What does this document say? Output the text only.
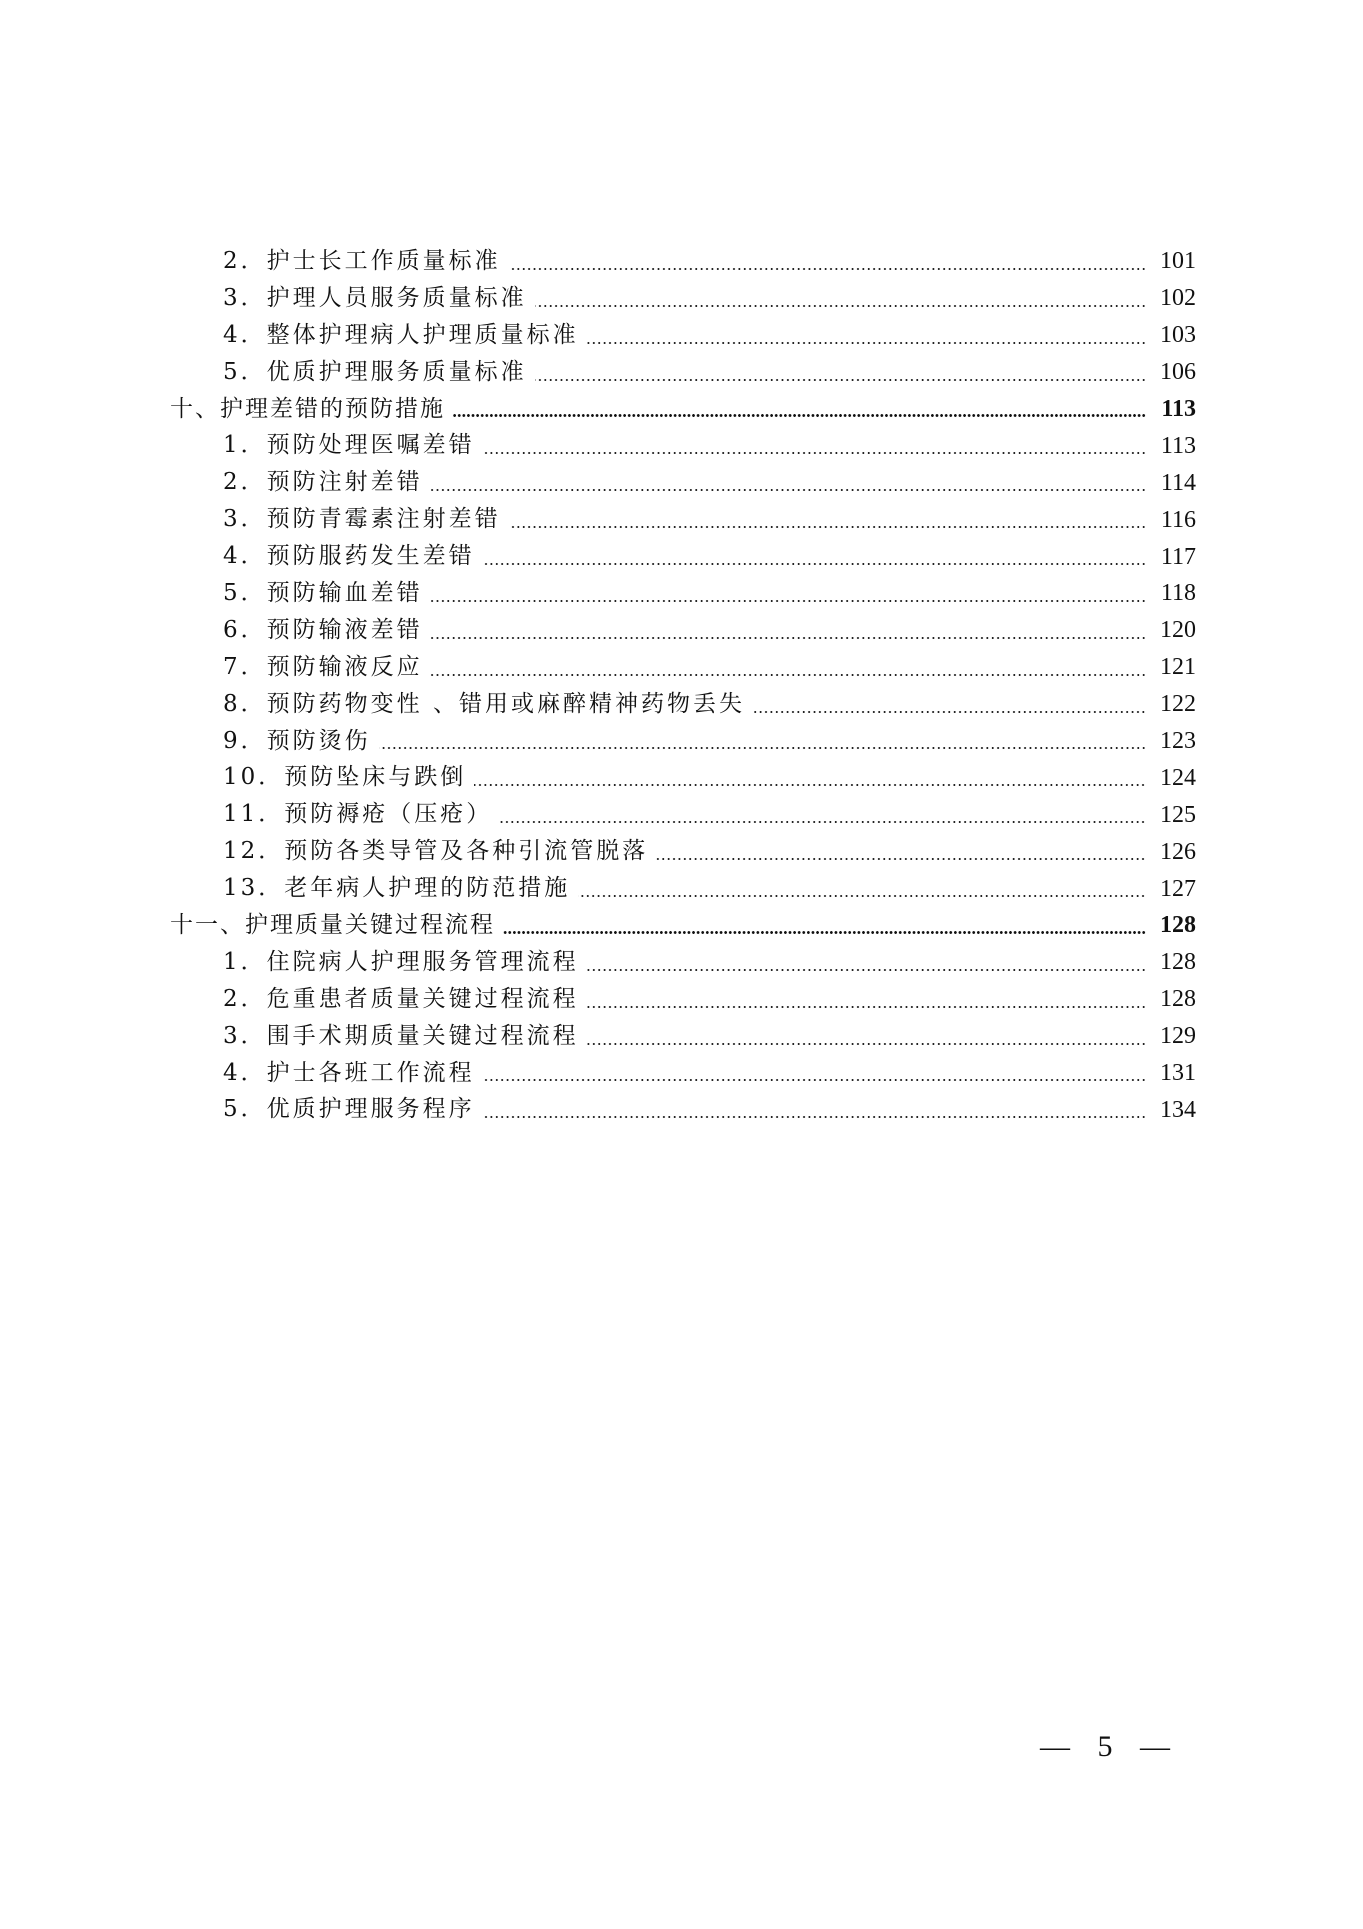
2．护士长工作质量标准	101
3．护理人员服务质量标准	102
4．整体护理病人护理质量标准	103
5．优质护理服务质量标准	106
十、护理差错的预防措施	113
1．预防处理医嘱差错	113
2．预防注射差错	114
3．预防青霉素注射差错	116
4．预防服药发生差错	117
5．预防输血差错	118
6．预防输液差错	120
7．预防输液反应	121
8．预防药物变性 、错用或麻醉精神药物丢失	122
9．预防烫伤	123
10．预防坠床与跌倒	124
11．预防褥疮（压疮）	125
12．预防各类导管及各种引流管脱落	126
13．老年病人护理的防范措施	127
十一、护理质量关键过程流程	128
1．住院病人护理服务管理流程	128
2．危重患者质量关键过程流程	128
3．围手术期质量关键过程流程	129
4．护士各班工作流程	131
5．优质护理服务程序	134
— 5 —
